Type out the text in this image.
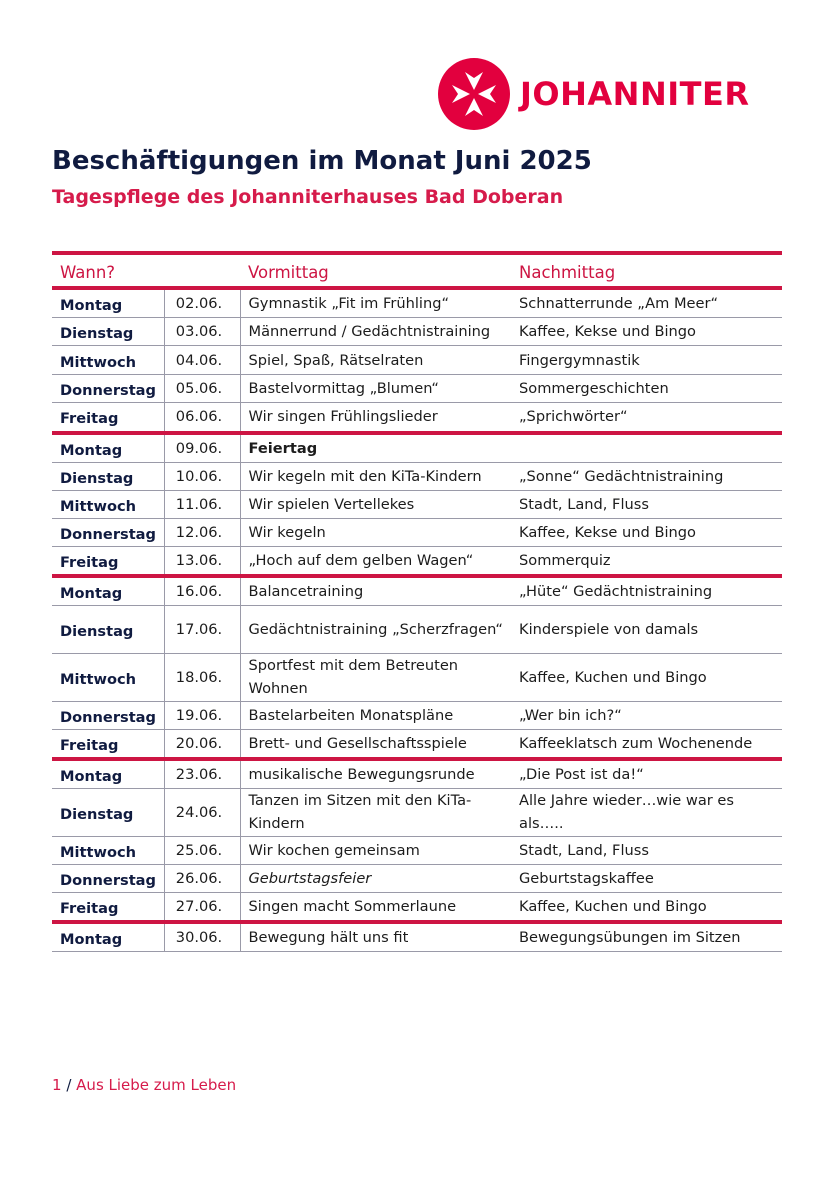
JOHANNITER
Beschäftigungen im Monat Juni 2025
Tagespflege des Johanniterhauses Bad Doberan
Wann?		Vormittag	Nachmittag
Montag	02.06.	Gymnastik „Fit im Frühling“	Schnatterrunde „Am Meer“
Dienstag	03.06.	Männerrund / Gedächtnistraining	Kaffee, Kekse und Bingo
Mittwoch	04.06.	Spiel, Spaß, Rätselraten	Fingergymnastik
Donnerstag	05.06.	Bastelvormittag „Blumen“	Sommergeschichten
Freitag	06.06.	Wir singen Frühlingslieder	„Sprichwörter“
Montag	09.06.	Feiertag	
Dienstag	10.06.	Wir kegeln mit den KiTa-Kindern	„Sonne“ Gedächtnistraining
Mittwoch	11.06.	Wir spielen Vertellekes	Stadt, Land, Fluss
Donnerstag	12.06.	Wir kegeln	Kaffee, Kekse und Bingo
Freitag	13.06.	„Hoch auf dem gelben Wagen“	Sommerquiz
Montag	16.06.	Balancetraining	„Hüte“ Gedächtnistraining
Dienstag	17.06.	Gedächtnistraining „Scherzfragen“	Kinderspiele von damals
Mittwoch	18.06.	Sportfest mit dem Betreuten Wohnen	Kaffee, Kuchen und Bingo
Donnerstag	19.06.	Bastelarbeiten Monatspläne	„Wer bin ich?“
Freitag	20.06.	Brett- und Gesellschaftsspiele	Kaffeeklatsch zum Wochenende
Montag	23.06.	musikalische Bewegungsrunde	„Die Post ist da!“
Dienstag	24.06.	Tanzen im Sitzen mit den KiTa- Kindern	Alle Jahre wieder…wie war es als…..
Mittwoch	25.06.	Wir kochen gemeinsam	Stadt, Land, Fluss
Donnerstag	26.06.	Geburtstagsfeier	Geburtstagskaffee
Freitag	27.06.	Singen macht Sommerlaune	Kaffee, Kuchen und Bingo
Montag	30.06.	Bewegung hält uns fit	Bewegungsübungen im Sitzen
1 / Aus Liebe zum Leben
